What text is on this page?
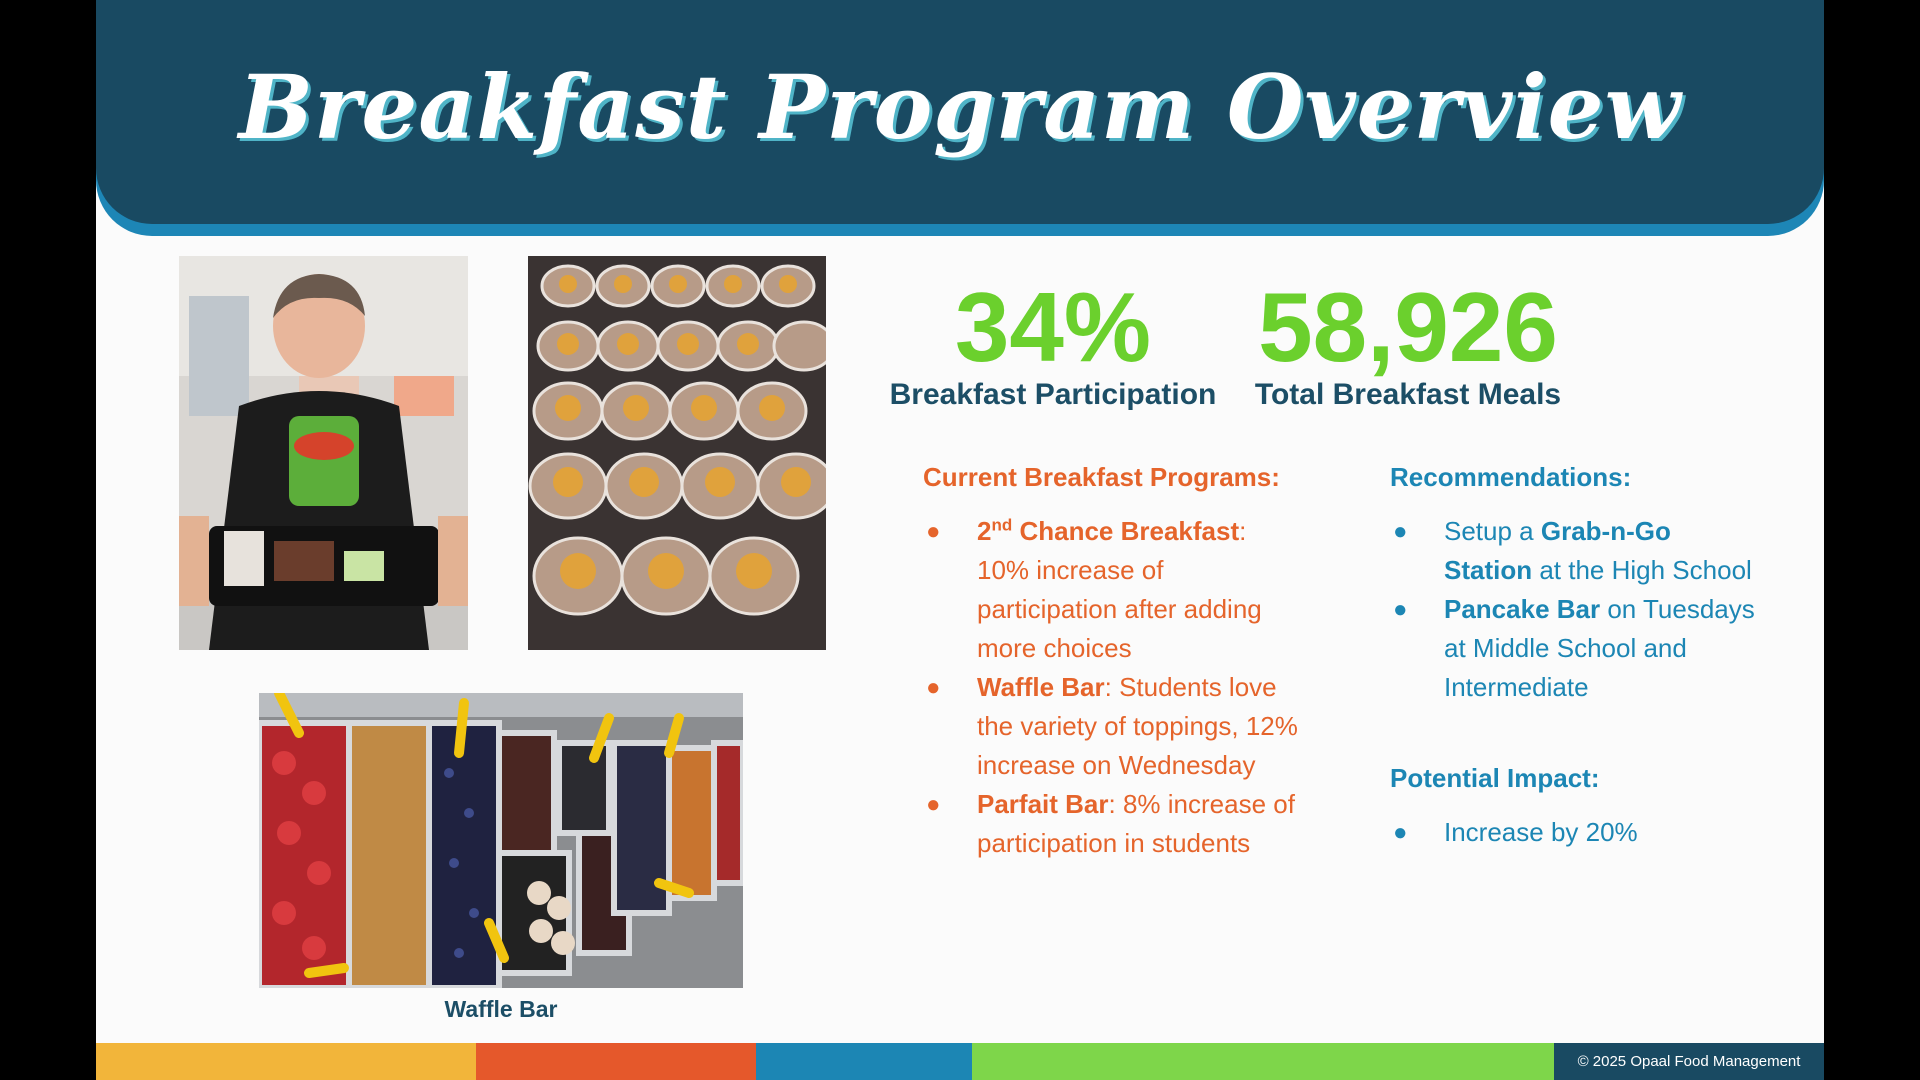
Breakfast Program Overview
Waffle Bar
34%
Breakfast Participation
58,926
Total Breakfast Meals
Current Breakfast Programs:
● 2nd Chance Breakfast:
10% increase of
participation after adding
more choices
● Waffle Bar: Students love
the variety of toppings, 12%
increase on Wednesday
● Parfait Bar: 8% increase of
participation in students
Recommendations:
● Setup a Grab-n-Go
Station at the High School
● Pancake Bar on Tuesdays
at Middle School and
Intermediate
Potential Impact:
● Increase by 20%
© 2025 Opaal Food Management
